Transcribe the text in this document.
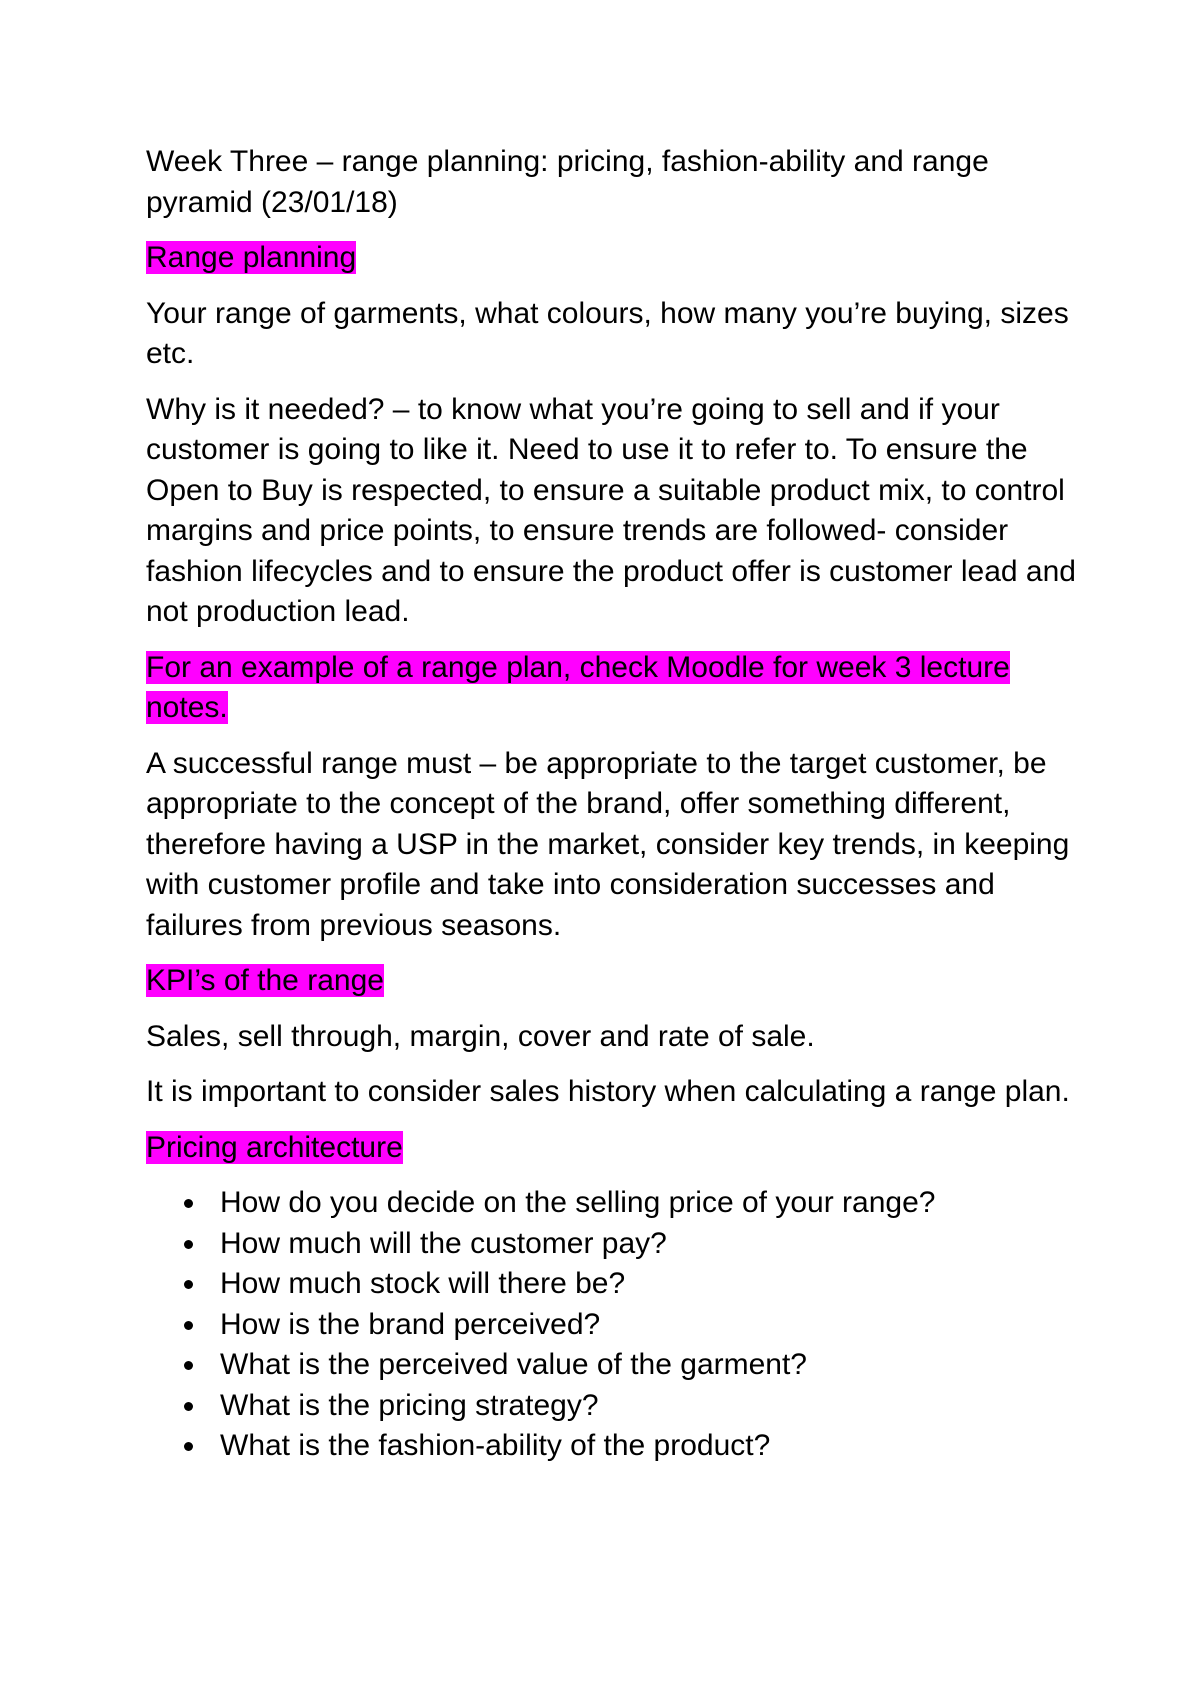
Week Three – range planning: pricing, fashion-ability and range pyramid (23/01/18)
Range planning
Your range of garments, what colours, how many you’re buying, sizes etc.
Why is it needed? – to know what you’re going to sell and if your customer is going to like it. Need to use it to refer to. To ensure the Open to Buy is respected, to ensure a suitable product mix, to control margins and price points, to ensure trends are followed- consider fashion lifecycles and to ensure the product offer is customer lead and not production lead.
For an example of a range plan, check Moodle for week 3 lecture notes.
A successful range must – be appropriate to the target customer, be appropriate to the concept of the brand, offer something different, therefore having a USP in the market, consider key trends, in keeping with customer profile and take into consideration successes and failures from previous seasons.
KPI’s of the range
Sales, sell through, margin, cover and rate of sale.
It is important to consider sales history when calculating a range plan.
Pricing architecture
How do you decide on the selling price of your range?
How much will the customer pay?
How much stock will there be?
How is the brand perceived?
What is the perceived value of the garment?
What is the pricing strategy?
What is the fashion-ability of the product?
